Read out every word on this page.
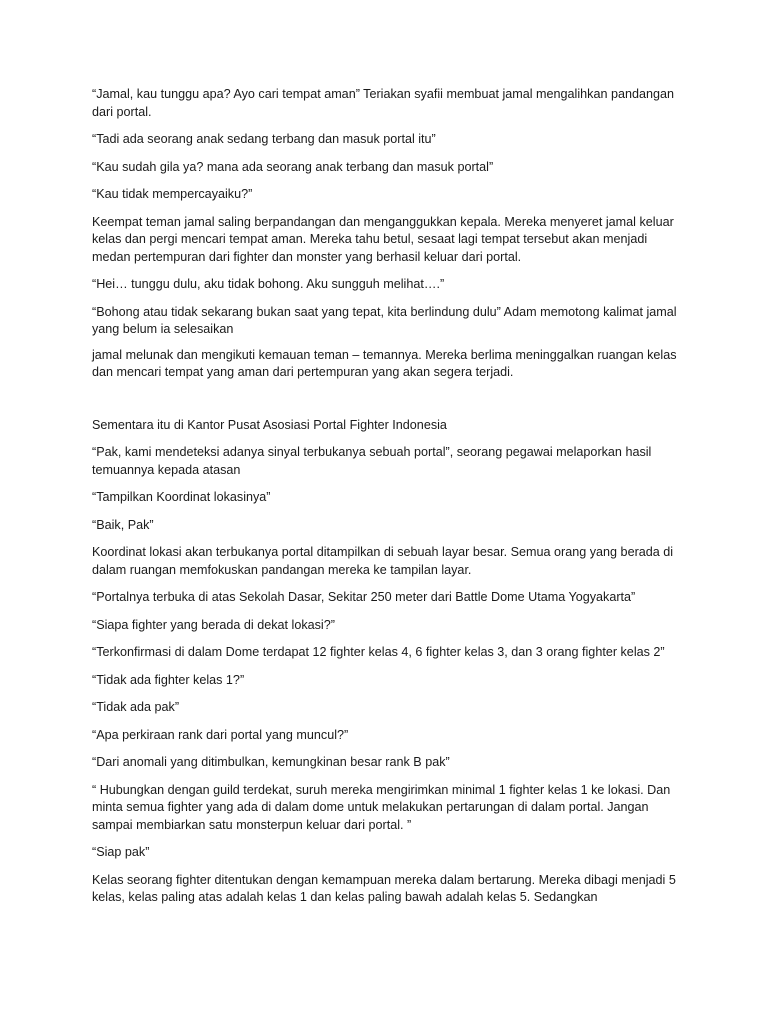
“Jamal, kau tunggu apa? Ayo cari tempat aman” Teriakan syafii membuat jamal mengalihkan pandangan dari portal.

“Tadi ada seorang anak sedang terbang dan masuk portal itu”

“Kau sudah gila ya? mana ada seorang anak terbang dan masuk portal”

“Kau tidak mempercayaiku?”

Keempat teman jamal saling berpandangan dan menganggukkan kepala. Mereka menyeret jamal keluar kelas dan pergi mencari tempat aman. Mereka tahu betul, sesaat lagi tempat tersebut akan menjadi medan pertempuran dari fighter dan monster yang berhasil keluar dari portal.

“Hei… tunggu dulu, aku tidak bohong. Aku sungguh melihat….”

“Bohong atau tidak sekarang bukan saat yang tepat, kita berlindung dulu” Adam memotong kalimat jamal yang belum ia selesaikan

jamal melunak dan mengikuti kemauan teman – temannya. Mereka berlima meninggalkan ruangan kelas dan mencari tempat yang aman dari pertempuran yang akan segera terjadi.

Sementara itu di Kantor Pusat Asosiasi Portal Fighter Indonesia

“Pak, kami mendeteksi adanya sinyal terbukanya sebuah portal”, seorang pegawai melaporkan hasil temuannya kepada atasan

“Tampilkan Koordinat lokasinya”

“Baik, Pak”

Koordinat lokasi akan terbukanya portal ditampilkan di sebuah layar besar. Semua orang yang berada di dalam ruangan memfokuskan pandangan mereka ke tampilan layar.

“Portalnya terbuka di atas Sekolah Dasar, Sekitar 250 meter dari Battle Dome Utama Yogyakarta”

“Siapa fighter yang berada di dekat lokasi?”

“Terkonfirmasi di dalam Dome terdapat 12 fighter kelas 4, 6 fighter kelas 3, dan 3 orang fighter kelas 2”

“Tidak ada fighter kelas 1?”

“Tidak ada pak”

“Apa perkiraan rank dari portal yang muncul?”

“Dari anomali yang ditimbulkan, kemungkinan besar rank B pak”

“ Hubungkan dengan guild terdekat, suruh mereka mengirimkan minimal 1 fighter kelas 1 ke lokasi. Dan minta semua fighter yang ada di dalam dome untuk melakukan pertarungan di dalam portal. Jangan sampai membiarkan satu monsterpun keluar dari portal. ”

“Siap pak”

Kelas seorang fighter ditentukan dengan kemampuan mereka dalam bertarung. Mereka dibagi menjadi 5 kelas, kelas paling atas adalah kelas 1 dan kelas paling bawah adalah kelas 5. Sedangkan
